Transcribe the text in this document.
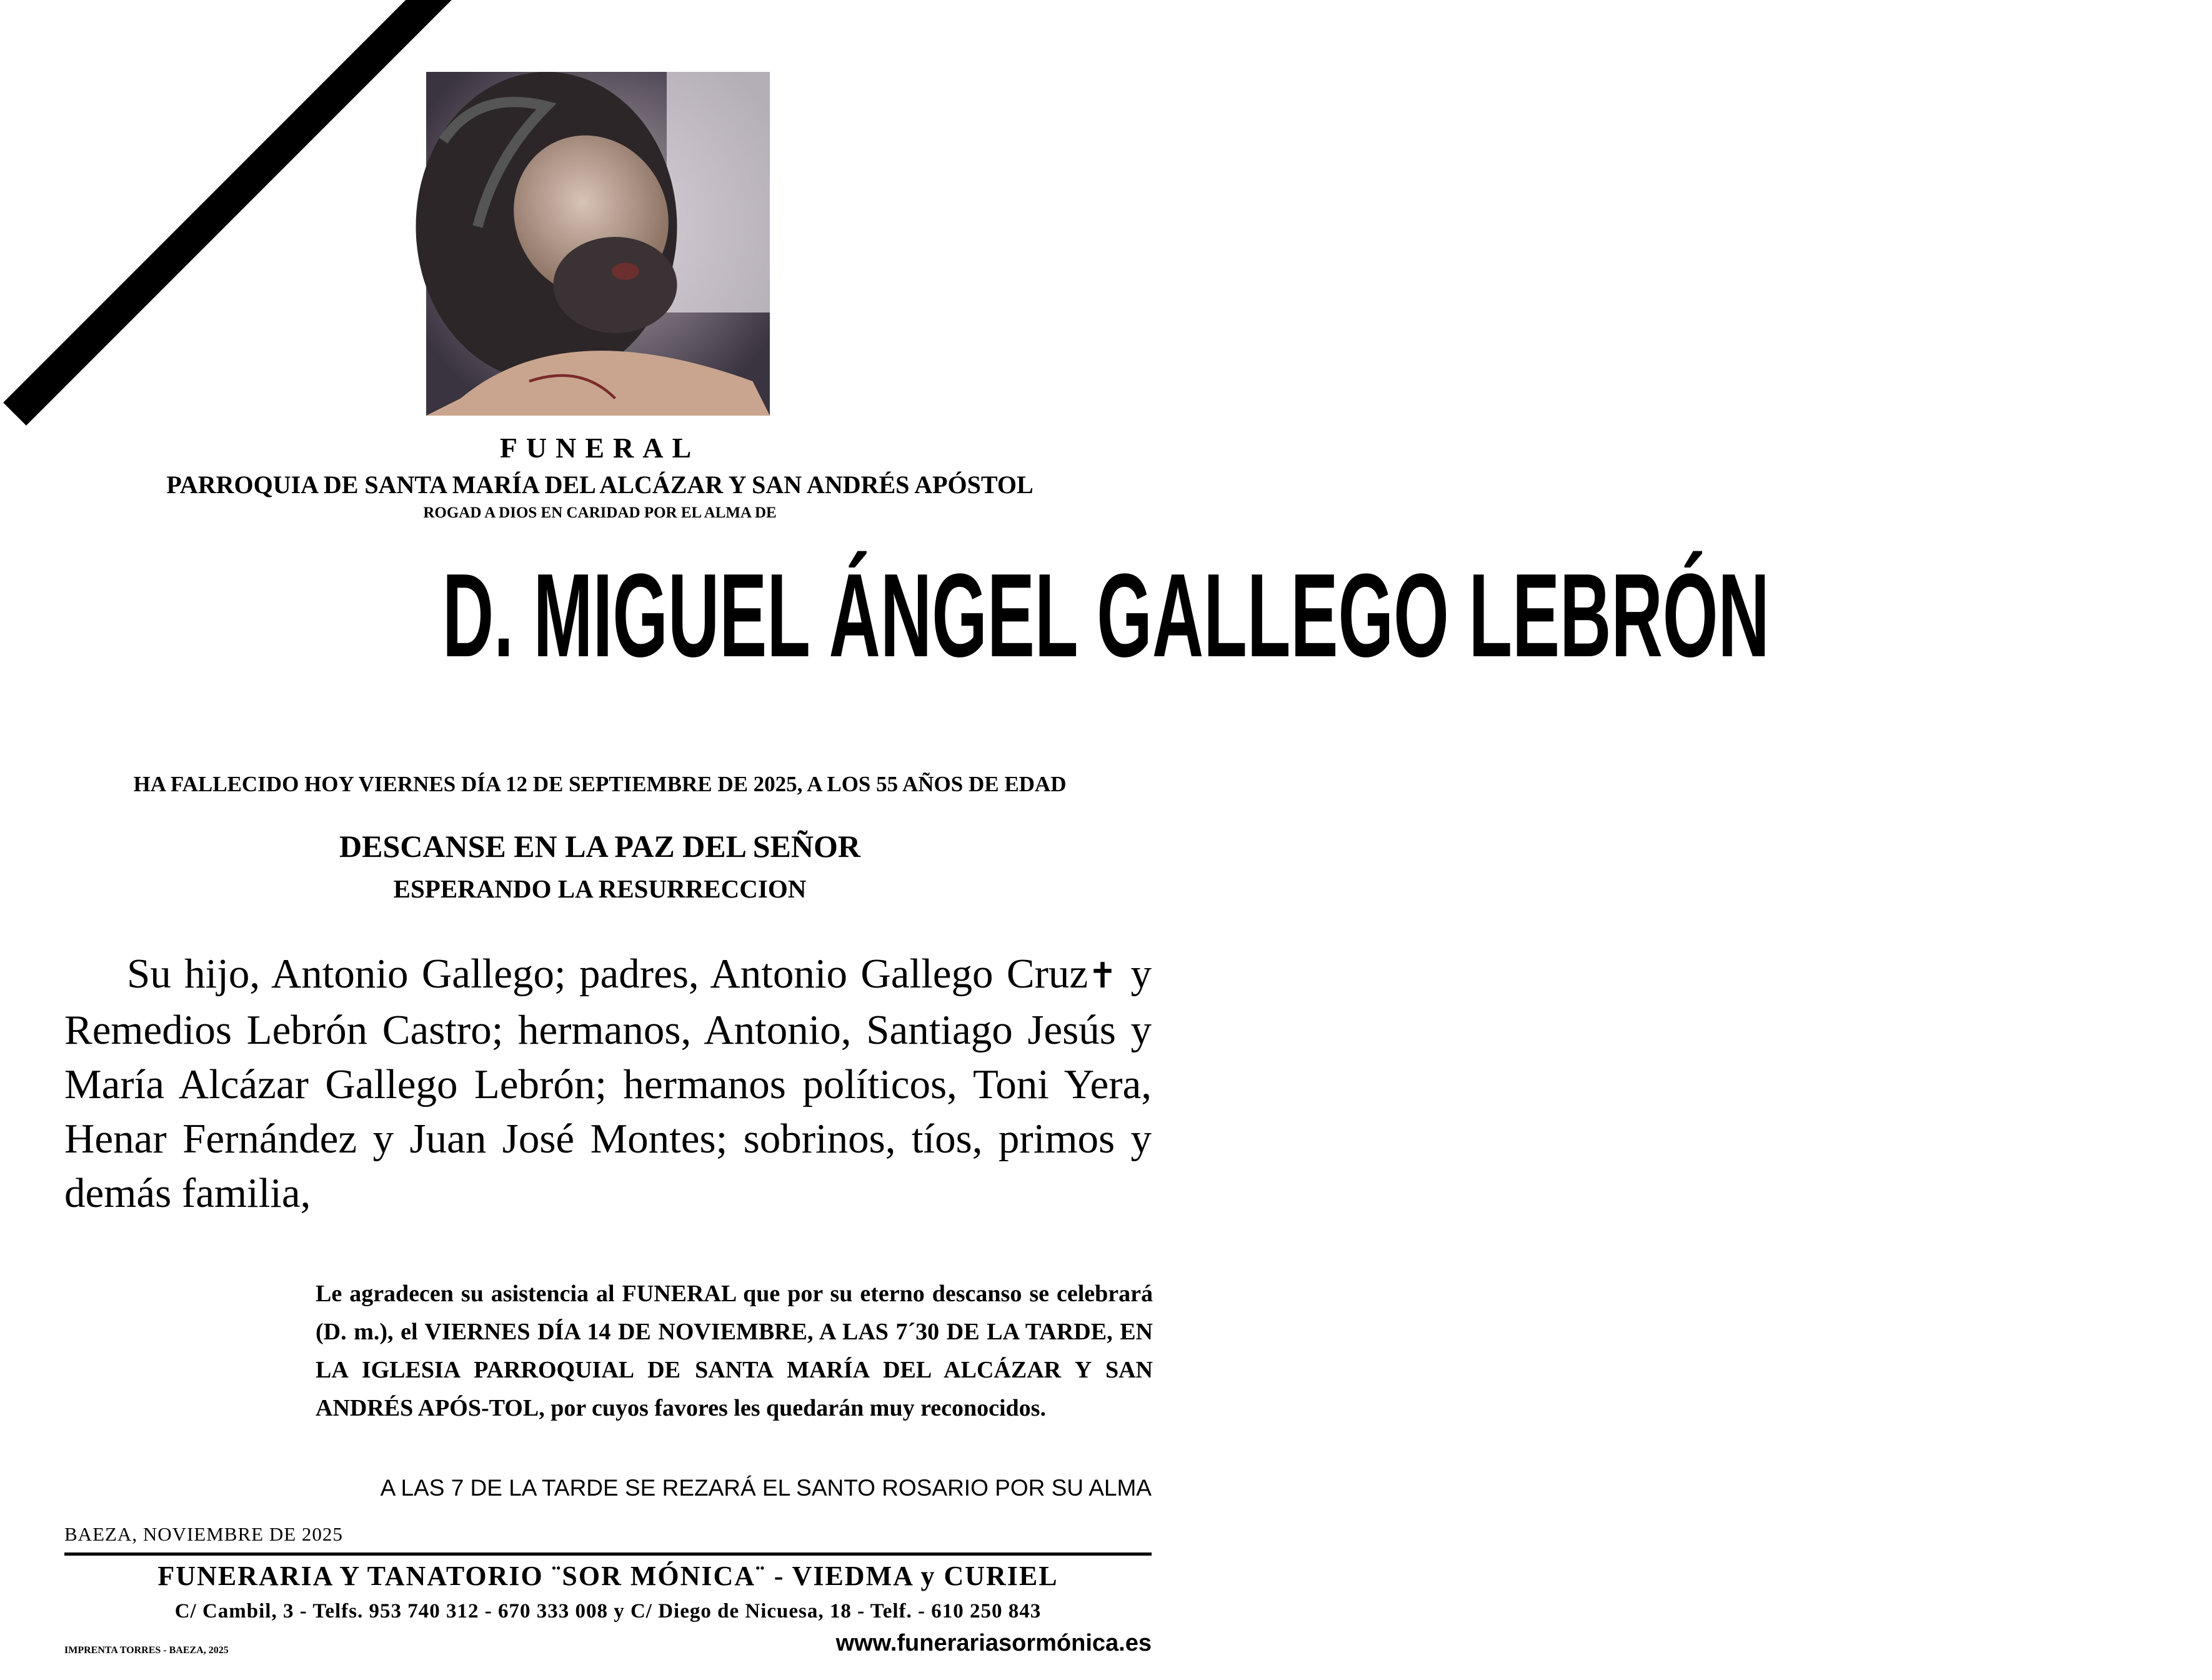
FUNERAL
PARROQUIA DE SANTA MARÍA DEL ALCÁZAR Y SAN ANDRÉS APÓSTOL
ROGAD A DIOS EN CARIDAD POR EL ALMA DE
D. MIGUEL ÁNGEL GALLEGO LEBRÓN
HA FALLECIDO HOY VIERNES DÍA 12 DE SEPTIEMBRE DE 2025, A LOS 55 AÑOS DE EDAD
DESCANSE EN LA PAZ DEL SEÑOR
ESPERANDO LA RESURRECCION
Su hijo, Antonio Gallego; padres, Antonio Gallego Cruz✝ y Remedios Lebrón Castro; hermanos, Antonio, Santiago Jesús y María Alcázar Gallego Lebrón; hermanos políticos, Toni Yera, Henar Fernández y Juan José Montes; sobrinos, tíos, primos y demás familia,
Le agradecen su asistencia al FUNERAL que por su eterno descanso se celebrará (D. m.), el VIERNES DÍA 14 DE NOVIEMBRE, A LAS 7´30 DE LA TARDE, EN LA IGLESIA PARROQUIAL DE SANTA MARÍA DEL ALCÁZAR Y SAN ANDRÉS APÓS-TOL, por cuyos favores les quedarán muy reconocidos.
A LAS 7 DE LA TARDE SE REZARÁ EL SANTO ROSARIO POR SU ALMA
BAEZA, NOVIEMBRE DE 2025
FUNERARIA Y TANATORIO ¨SOR MÓNICA¨ - VIEDMA y CURIEL
C/ Cambil, 3 - Telfs. 953 740 312 - 670 333 008 y C/ Diego de Nicuesa, 18 - Telf. - 610 250 843
IMPRENTA TORRES - BAEZA, 2025	www.funerariasormónica.es
